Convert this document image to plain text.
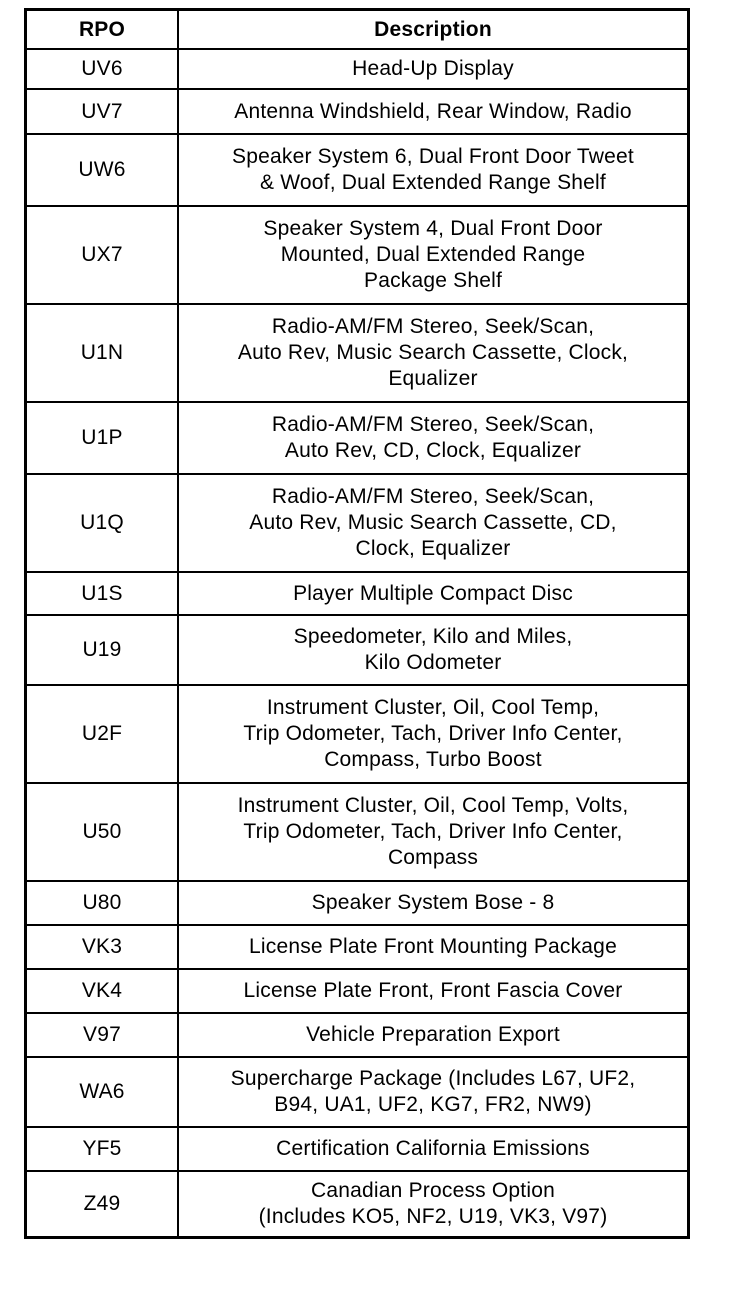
RPO	Description
UV6	Head-Up Display
UV7	Antenna Windshield, Rear Window, Radio
UW6	Speaker System 6, Dual Front Door Tweet
& Woof, Dual Extended Range Shelf
UX7	Speaker System 4, Dual Front Door
Mounted, Dual Extended Range
Package Shelf
U1N	Radio-AM/FM Stereo, Seek/Scan,
Auto Rev, Music Search Cassette, Clock,
Equalizer
U1P	Radio-AM/FM Stereo, Seek/Scan,
Auto Rev, CD, Clock, Equalizer
U1Q	Radio-AM/FM Stereo, Seek/Scan,
Auto Rev, Music Search Cassette, CD,
Clock, Equalizer
U1S	Player Multiple Compact Disc
U19	Speedometer, Kilo and Miles,
Kilo Odometer
U2F	Instrument Cluster, Oil, Cool Temp,
Trip Odometer, Tach, Driver Info Center,
Compass, Turbo Boost
U50	Instrument Cluster, Oil, Cool Temp, Volts,
Trip Odometer, Tach, Driver Info Center,
Compass
U80	Speaker System Bose - 8
VK3	License Plate Front Mounting Package
VK4	License Plate Front, Front Fascia Cover
V97	Vehicle Preparation Export
WA6	Supercharge Package (Includes L67, UF2,
B94, UA1, UF2, KG7, FR2, NW9)
YF5	Certification California Emissions
Z49	Canadian Process Option
(Includes KO5, NF2, U19, VK3, V97)
